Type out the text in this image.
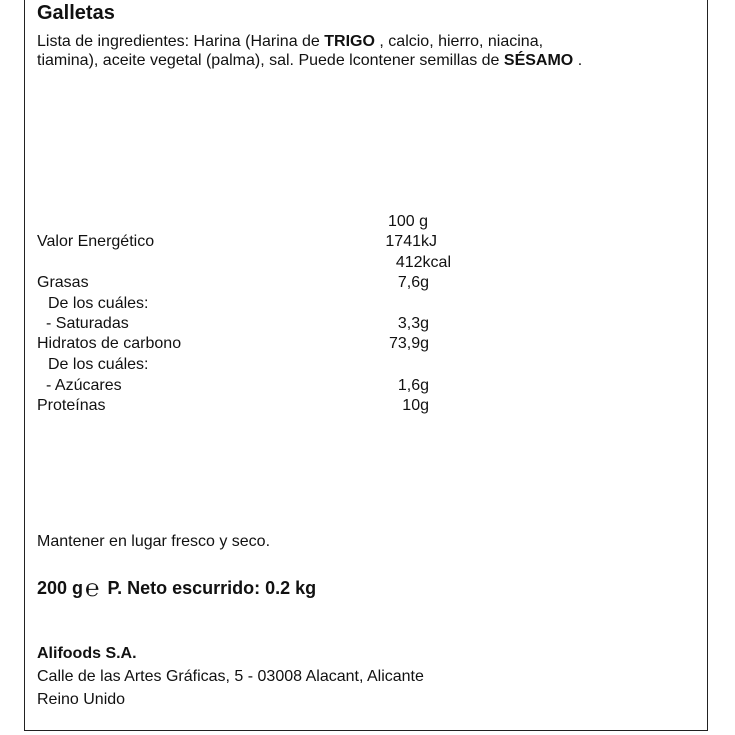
Galletas
Lista de ingredientes: Harina (Harina de TRIGO , calcio, hierro, niacina,
tiamina), aceite vegetal (palma), sal. Puede lcontener semillas de SÉSAMO .
100 g
Valor Energético	1741kJ
412kcal
Grasas	7,6g
De los cuáles:
- Saturadas	3,3g
Hidratos de carbono	73,9g
De los cuáles:
- Azúcares	1,6g
Proteínas	10g
Mantener en lugar fresco y seco.
200 g℮ P. Neto escurrido: 0.2 kg
Alifoods S.A.
Calle de las Artes Gráficas, 5 - 03008 Alacant, Alicante
Reino Unido
